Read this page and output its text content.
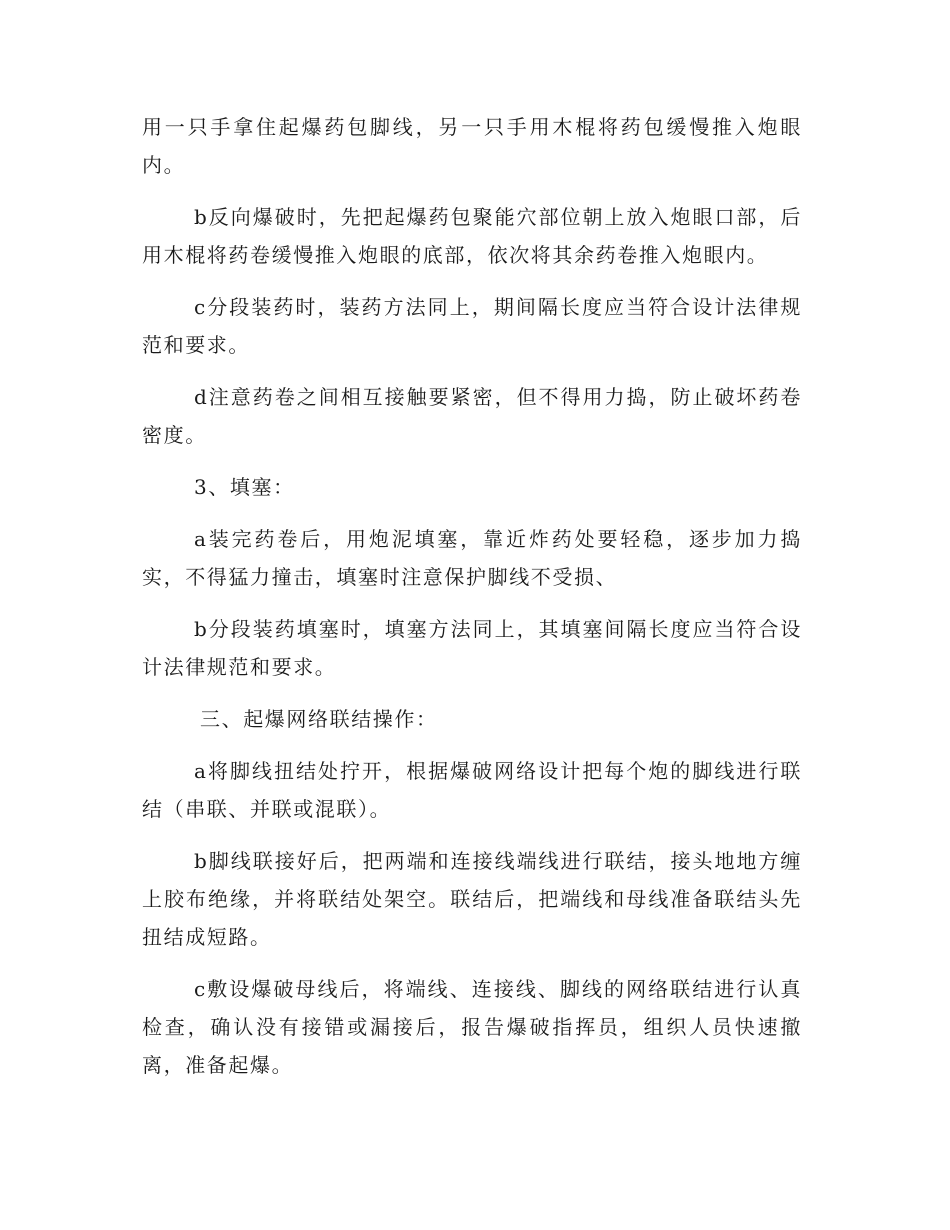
用一只手拿住起爆药包脚线，另一只手用木棍将药包缓慢推入炮眼内。

b反向爆破时，先把起爆药包聚能穴部位朝上放入炮眼口部，后用木棍将药卷缓慢推入炮眼的底部，依次将其余药卷推入炮眼内。

c分段装药时，装药方法同上，期间隔长度应当符合设计法律规范和要求。

d注意药卷之间相互接触要紧密，但不得用力捣，防止破坏药卷密度。

3、填塞：

a装完药卷后，用炮泥填塞，靠近炸药处要轻稳，逐步加力捣实，不得猛力撞击，填塞时注意保护脚线不受损、

b分段装药填塞时，填塞方法同上，其填塞间隔长度应当符合设计法律规范和要求。

三、起爆网络联结操作：

a将脚线扭结处拧开，根据爆破网络设计把每个炮的脚线进行联结（串联、并联或混联）。

b脚线联接好后，把两端和连接线端线进行联结，接头地地方缠上胶布绝缘，并将联结处架空。联结后，把端线和母线准备联结头先扭结成短路。

c敷设爆破母线后，将端线、连接线、脚线的网络联结进行认真检查，确认没有接错或漏接后，报告爆破指挥员，组织人员快速撤离，准备起爆。
